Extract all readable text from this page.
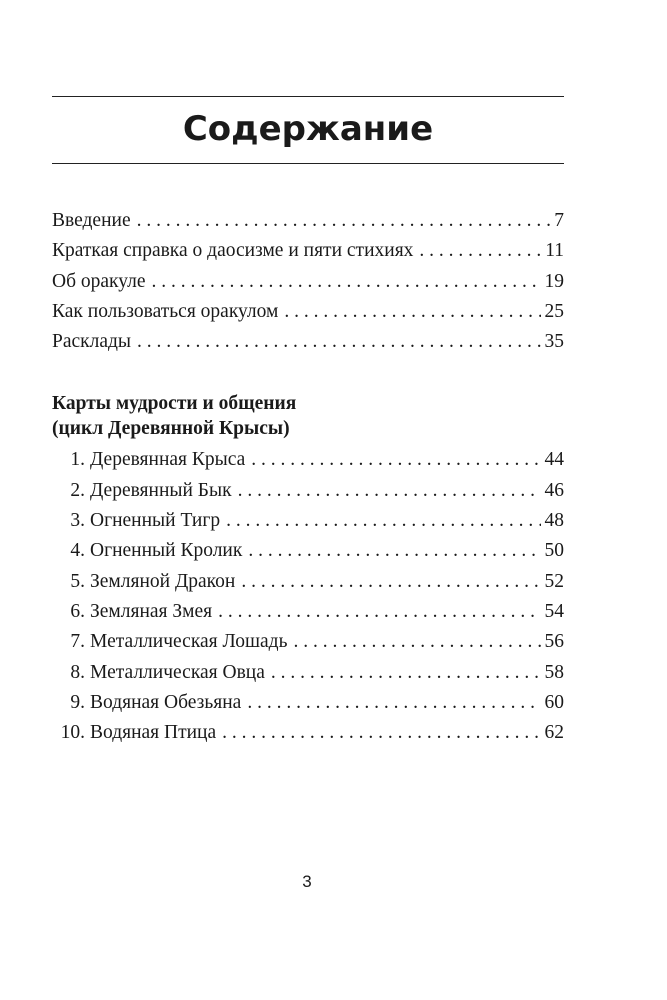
Содержание
Введение . . .	7
Краткая справка о даосизме и пяти стихиях . . .	11
Об оракуле . . .	19
Как пользоваться оракулом . . .	25
Расклады . . .	35
Карты мудрости и общения
(цикл Деревянной Крысы)
1. Деревянная Крыса . . .	44
2. Деревянный Бык . . .	46
3. Огненный Тигр . . .	48
4. Огненный Кролик . . .	50
5. Земляной Дракон . . .	52
6. Земляная Змея . . .	54
7. Металлическая Лошадь . . .	56
8. Металлическая Овца . . .	58
9. Водяная Обезьяна . . .	60
10. Водяная Птица . . .	62
3
